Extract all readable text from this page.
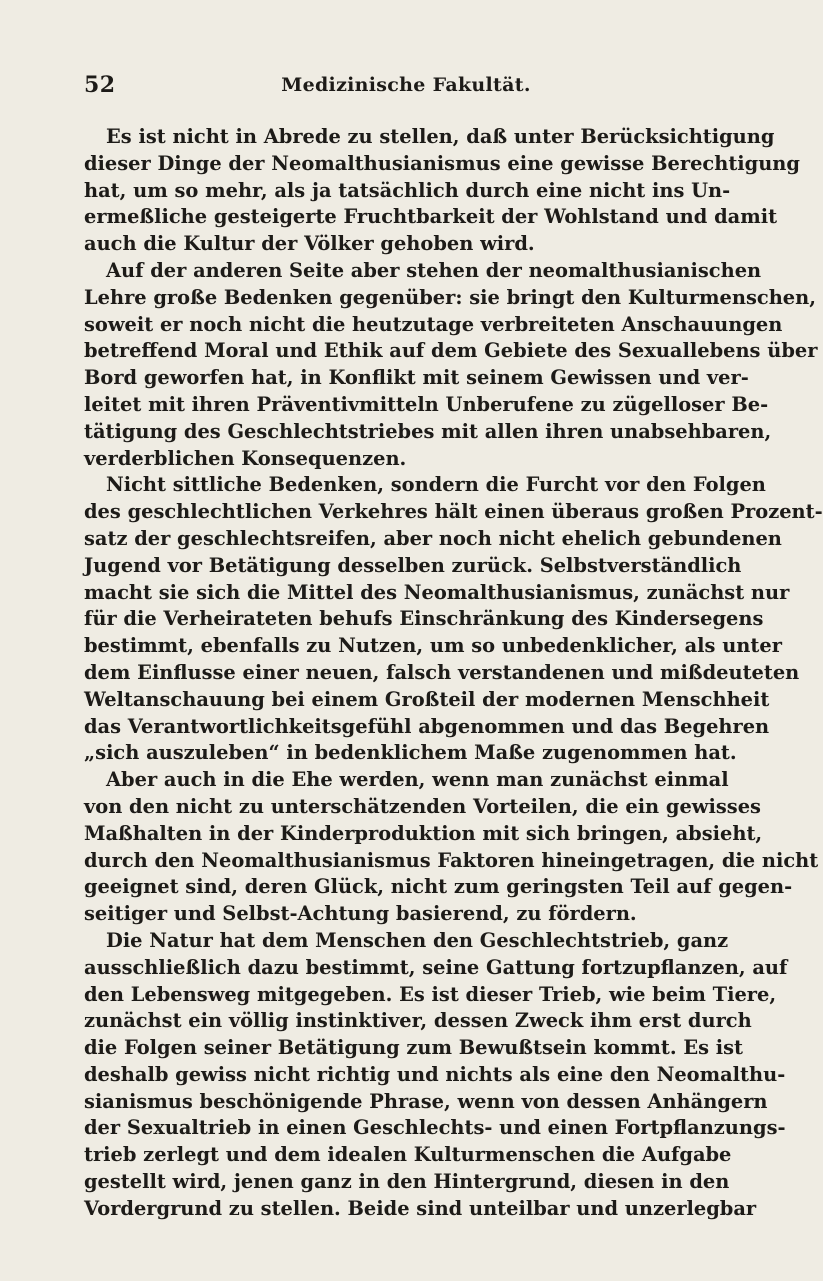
52	Medizinische Fakultät.
Es ist nicht in Abrede zu stellen, daß unter Berücksichtigung
dieser Dinge der Neomalthusianismus eine gewisse Berechtigung
hat, um so mehr, als ja tatsächlich durch eine nicht ins Un-
ermeßliche gesteigerte Fruchtbarkeit der Wohlstand und damit
auch die Kultur der Völker gehoben wird.
Auf der anderen Seite aber stehen der neomalthusianischen
Lehre große Bedenken gegenüber: sie bringt den Kulturmenschen,
soweit er noch nicht die heutzutage verbreiteten Anschauungen
betreffend Moral und Ethik auf dem Gebiete des Sexuallebens über
Bord geworfen hat, in Konflikt mit seinem Gewissen und ver-
leitet mit ihren Präventivmitteln Unberufene zu zügelloser Be-
tätigung des Geschlechtstriebes mit allen ihren unabsehbaren,
verderblichen Konsequenzen.
Nicht sittliche Bedenken, sondern die Furcht vor den Folgen
des geschlechtlichen Verkehres hält einen überaus großen Prozent-
satz der geschlechtsreifen, aber noch nicht ehelich gebundenen
Jugend vor Betätigung desselben zurück. Selbstverständlich
macht sie sich die Mittel des Neomalthusianismus, zunächst nur
für die Verheirateten behufs Einschränkung des Kindersegens
bestimmt, ebenfalls zu Nutzen, um so unbedenklicher, als unter
dem Einflusse einer neuen, falsch verstandenen und mißdeuteten
Weltanschauung bei einem Großteil der modernen Menschheit
das Verantwortlichkeitsgefühl abgenommen und das Begehren
„sich auszuleben“ in bedenklichem Maße zugenommen hat.
Aber auch in die Ehe werden, wenn man zunächst einmal
von den nicht zu unterschätzenden Vorteilen, die ein gewisses
Maßhalten in der Kinderproduktion mit sich bringen, absieht,
durch den Neomalthusianismus Faktoren hineingetragen, die nicht
geeignet sind, deren Glück, nicht zum geringsten Teil auf gegen-
seitiger und Selbst-Achtung basierend, zu fördern.
Die Natur hat dem Menschen den Geschlechtstrieb, ganz
ausschließlich dazu bestimmt, seine Gattung fortzupflanzen, auf
den Lebensweg mitgegeben. Es ist dieser Trieb, wie beim Tiere,
zunächst ein völlig instinktiver, dessen Zweck ihm erst durch
die Folgen seiner Betätigung zum Bewußtsein kommt. Es ist
deshalb gewiss nicht richtig und nichts als eine den Neomalthu-
sianismus beschönigende Phrase, wenn von dessen Anhängern
der Sexualtrieb in einen Geschlechts- und einen Fortpflanzungs-
trieb zerlegt und dem idealen Kulturmenschen die Aufgabe
gestellt wird, jenen ganz in den Hintergrund, diesen in den
Vordergrund zu stellen. Beide sind unteilbar und unzerlegbar
